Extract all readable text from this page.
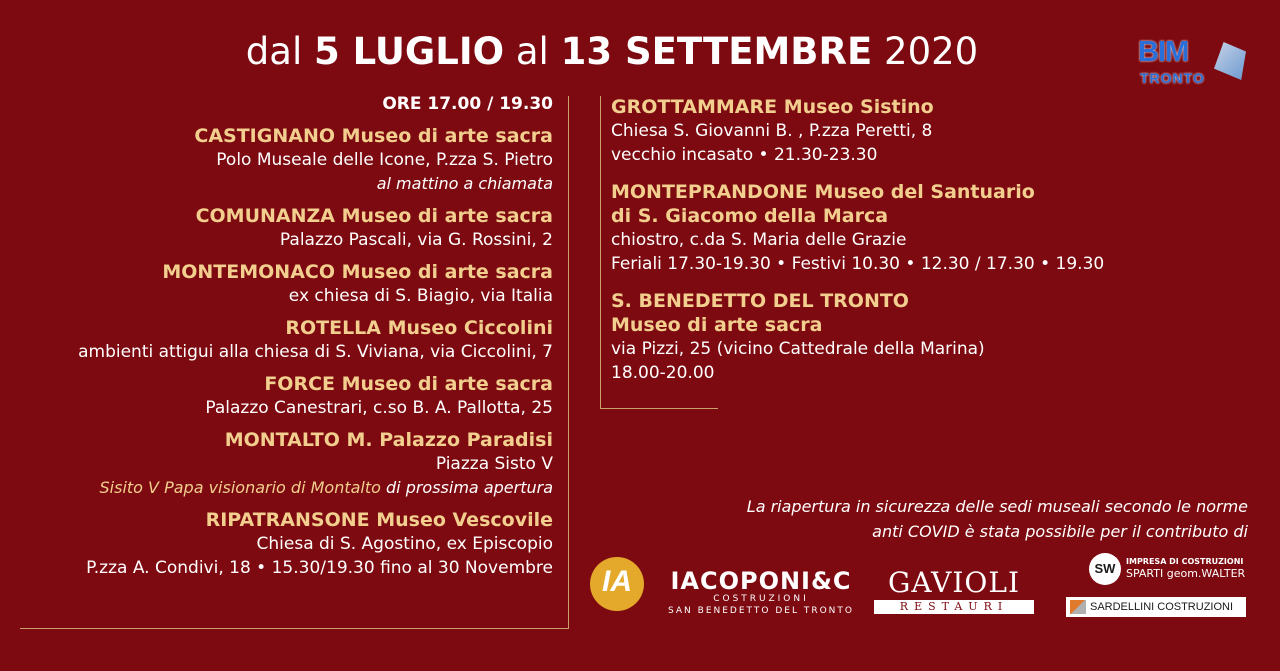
dal 5 LUGLIO al 13 SETTEMBRE 2020	BIM
TRONTO
ORE 17.00 / 19.30
CASTIGNANO Museo di arte sacra
Polo Museale delle Icone, P.zza S. Pietro
al mattino a chiamata
COMUNANZA Museo di arte sacra
Palazzo Pascali, via G. Rossini, 2
MONTEMONACO Museo di arte sacra
ex chiesa di S. Biagio, via Italia
ROTELLA Museo Ciccolini
ambienti attigui alla chiesa di S. Viviana, via Ciccolini, 7
FORCE Museo di arte sacra
Palazzo Canestrari, c.so B. A. Pallotta, 25
MONTALTO M. Palazzo Paradisi
Piazza Sisto V
Sisito V Papa visionario di Montalto di prossima apertura
RIPATRANSONE Museo Vescovile
Chiesa di S. Agostino, ex Episcopio
P.zza A. Condivi, 18 • 15.30/19.30 fino al 30 Novembre
GROTTAMMARE Museo Sistino
Chiesa S. Giovanni B. , P.zza Peretti, 8
vecchio incasato • 21.30-23.30
MONTEPRANDONE Museo del Santuario
di S. Giacomo della Marca
chiostro, c.da S. Maria delle Grazie
Feriali 17.30-19.30 • Festivi 10.30 • 12.30 / 17.30 • 19.30
S. BENEDETTO DEL TRONTO
Museo di arte sacra
via Pizzi, 25 (vicino Cattedrale della Marina)
18.00-20.00
La riapertura in sicurezza delle sedi museali secondo le norme
anti COVID è stata possibile per il contributo di
IA	IACOPONI&C
COSTRUZIONI
SAN BENEDETTO DEL TRONTO
GAVIOLI
RESTAURI
SW	IMPRESA DI COSTRUZIONI
SPARTI geom.WALTER
SARDELLINI COSTRUZIONI
